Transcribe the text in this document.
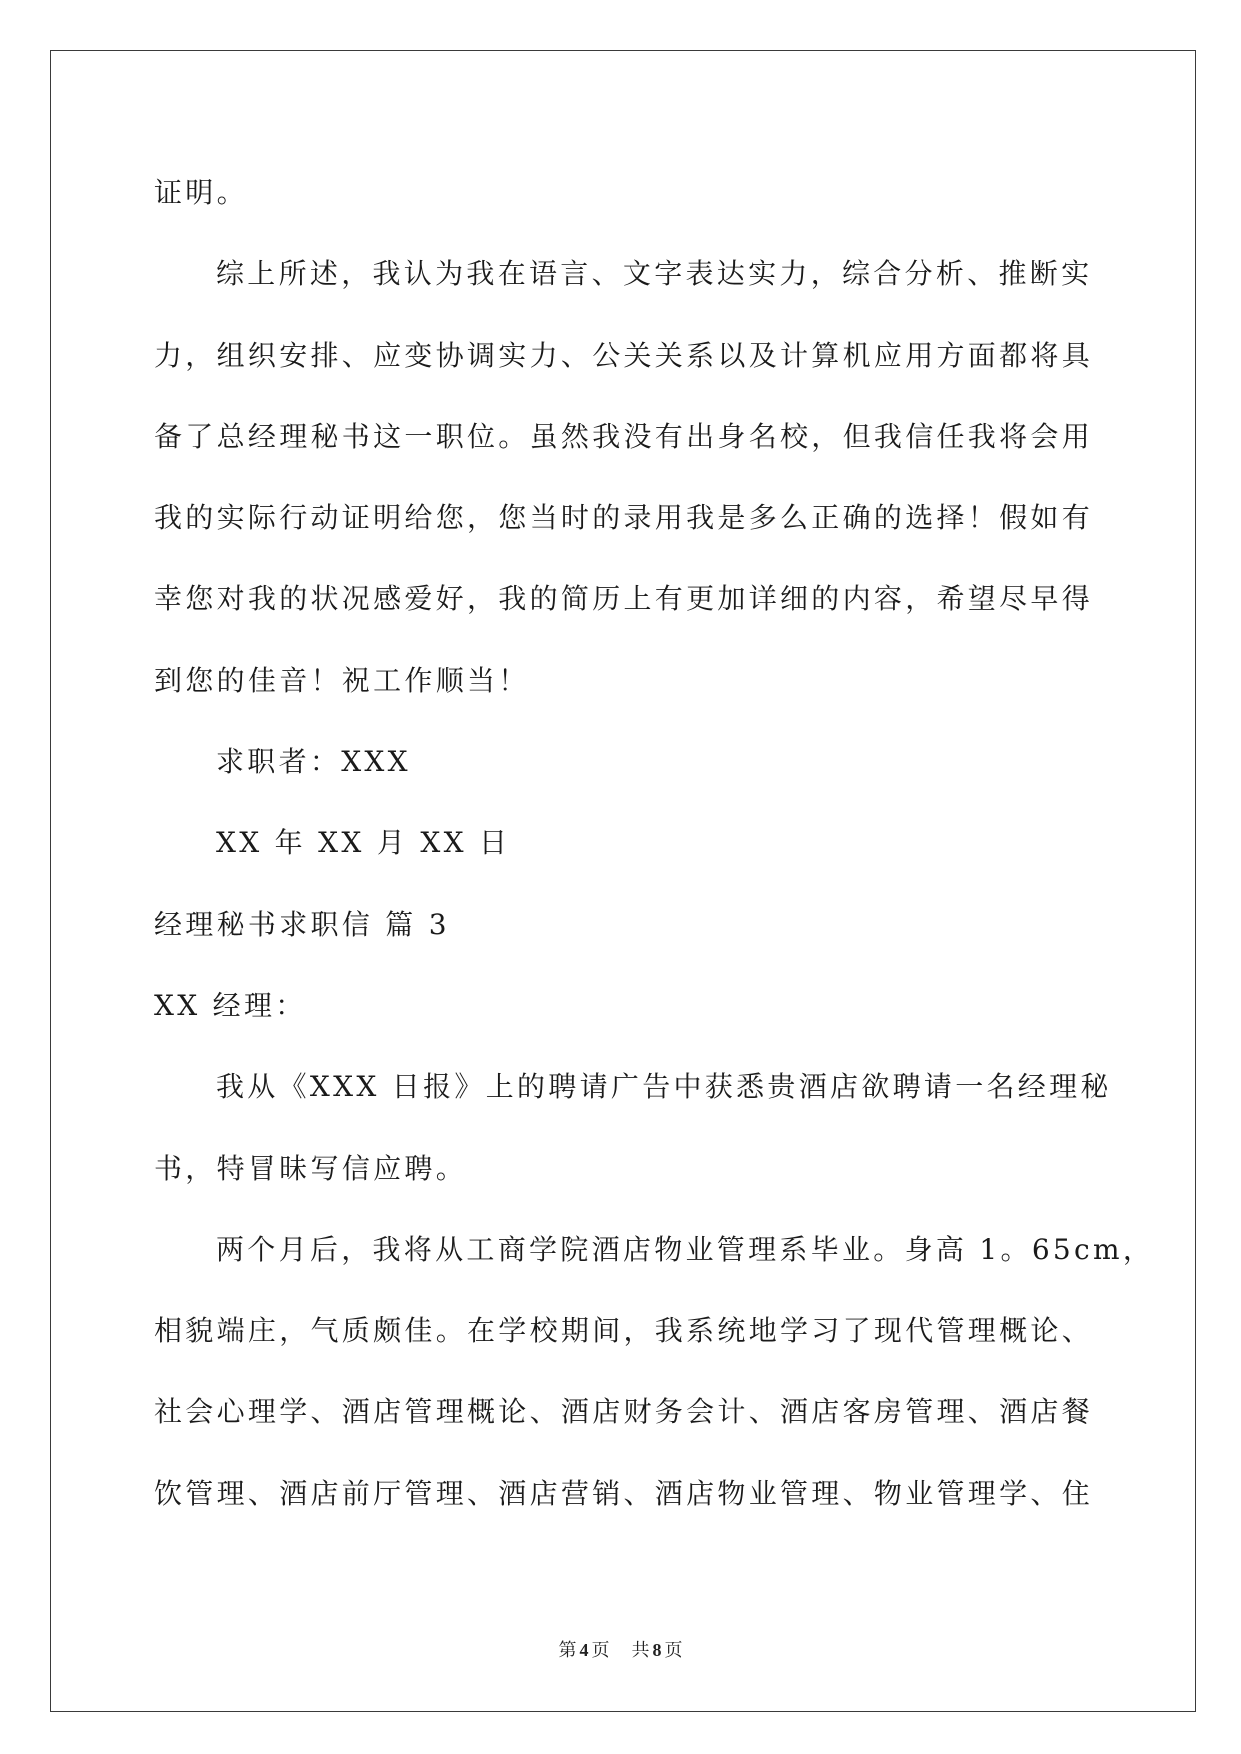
证明。
综上所述，我认为我在语言、文字表达实力，综合分析、推断实
力，组织安排、应变协调实力、公关关系以及计算机应用方面都将具
备了总经理秘书这一职位。虽然我没有出身名校，但我信任我将会用
我的实际行动证明给您，您当时的录用我是多么正确的选择！假如有
幸您对我的状况感爱好，我的简历上有更加详细的内容，希望尽早得
到您的佳音！祝工作顺当！
求职者：XXX
XX 年 XX 月 XX 日
经理秘书求职信 篇 3
XX 经理：
我从《XXX 日报》上的聘请广告中获悉贵酒店欲聘请一名经理秘
书，特冒昧写信应聘。
两个月后，我将从工商学院酒店物业管理系毕业。身高 1。65cm，
相貌端庄，气质颇佳。在学校期间，我系统地学习了现代管理概论、
社会心理学、酒店管理概论、酒店财务会计、酒店客房管理、酒店餐
饮管理、酒店前厅管理、酒店营销、酒店物业管理、物业管理学、住
第 4 页 共 8 页
